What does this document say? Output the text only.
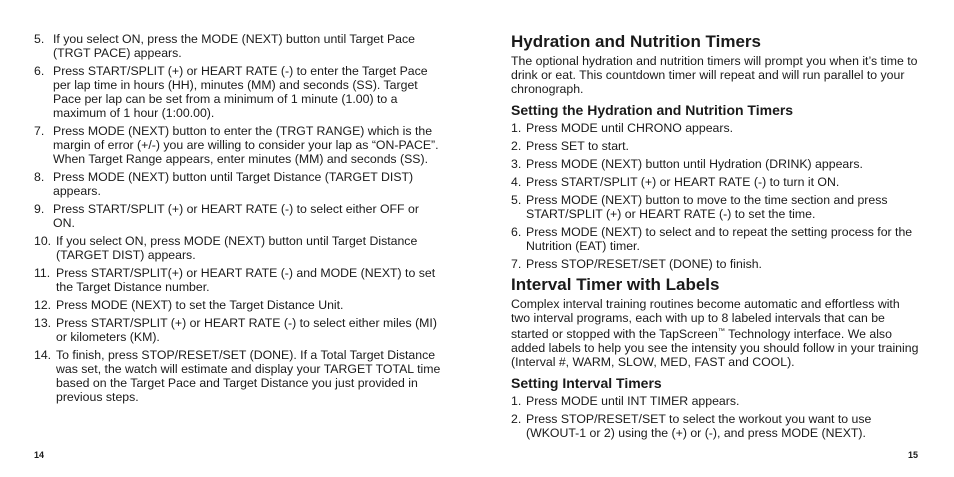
5. If you select ON, press the MODE (NEXT) button until Target Pace (TRGT PACE) appears.
6. Press START/SPLIT (+) or HEART RATE (-) to enter the Target Pace per lap time in hours (HH), minutes (MM) and seconds (SS). Target Pace per lap can be set from a minimum of 1 minute (1.00) to a maximum of 1 hour (1:00.00).
7. Press MODE (NEXT) button to enter the (TRGT RANGE) which is the margin of error (+/-) you are willing to consider your lap as “ON-PACE”. When Target Range appears, enter minutes (MM) and seconds (SS).
8. Press MODE (NEXT) button until Target Distance (TARGET DIST) appears.
9. Press START/SPLIT (+) or HEART RATE (-) to select either OFF or ON.
10. If you select ON, press MODE (NEXT) button until Target Distance (TARGET DIST) appears.
11. Press START/SPLIT(+) or HEART RATE (-) and MODE (NEXT) to set the Target Distance number.
12. Press MODE (NEXT) to set the Target Distance Unit.
13. Press START/SPLIT (+) or HEART RATE (-) to select either miles (MI) or kilometers (KM).
14. To finish, press STOP/RESET/SET (DONE). If a Total Target Distance was set, the watch will estimate and display your TARGET TOTAL time based on the Target Pace and Target Distance you just provided in previous steps.
14
Hydration and Nutrition Timers

The optional hydration and nutrition timers will prompt you when it’s time to drink or eat. This countdown timer will repeat and will run parallel to your chronograph.

Setting the Hydration and Nutrition Timers
1. Press MODE until CHRONO appears.
2. Press SET to start.
3. Press MODE (NEXT) button until Hydration (DRINK) appears.
4. Press START/SPLIT (+) or HEART RATE (-) to turn it ON.
5. Press MODE (NEXT) button to move to the time section and press START/SPLIT (+) or HEART RATE (-) to set the time.
6. Press MODE (NEXT) to select and to repeat the setting process for the Nutrition (EAT) timer.
7. Press STOP/RESET/SET (DONE) to finish.
Interval Timer with Labels

Complex interval training routines become automatic and effortless with two interval programs, each with up to 8 labeled intervals that can be started or stopped with the TapScreen™ Technology interface. We also added labels to help you see the intensity you should follow in your training (Interval #, WARM, SLOW, MED, FAST and COOL).

Setting Interval Timers
1. Press MODE until INT TIMER appears.
2. Press STOP/RESET/SET to select the workout you want to use (WKOUT-1 or 2) using the (+) or (-), and press MODE (NEXT).
15
